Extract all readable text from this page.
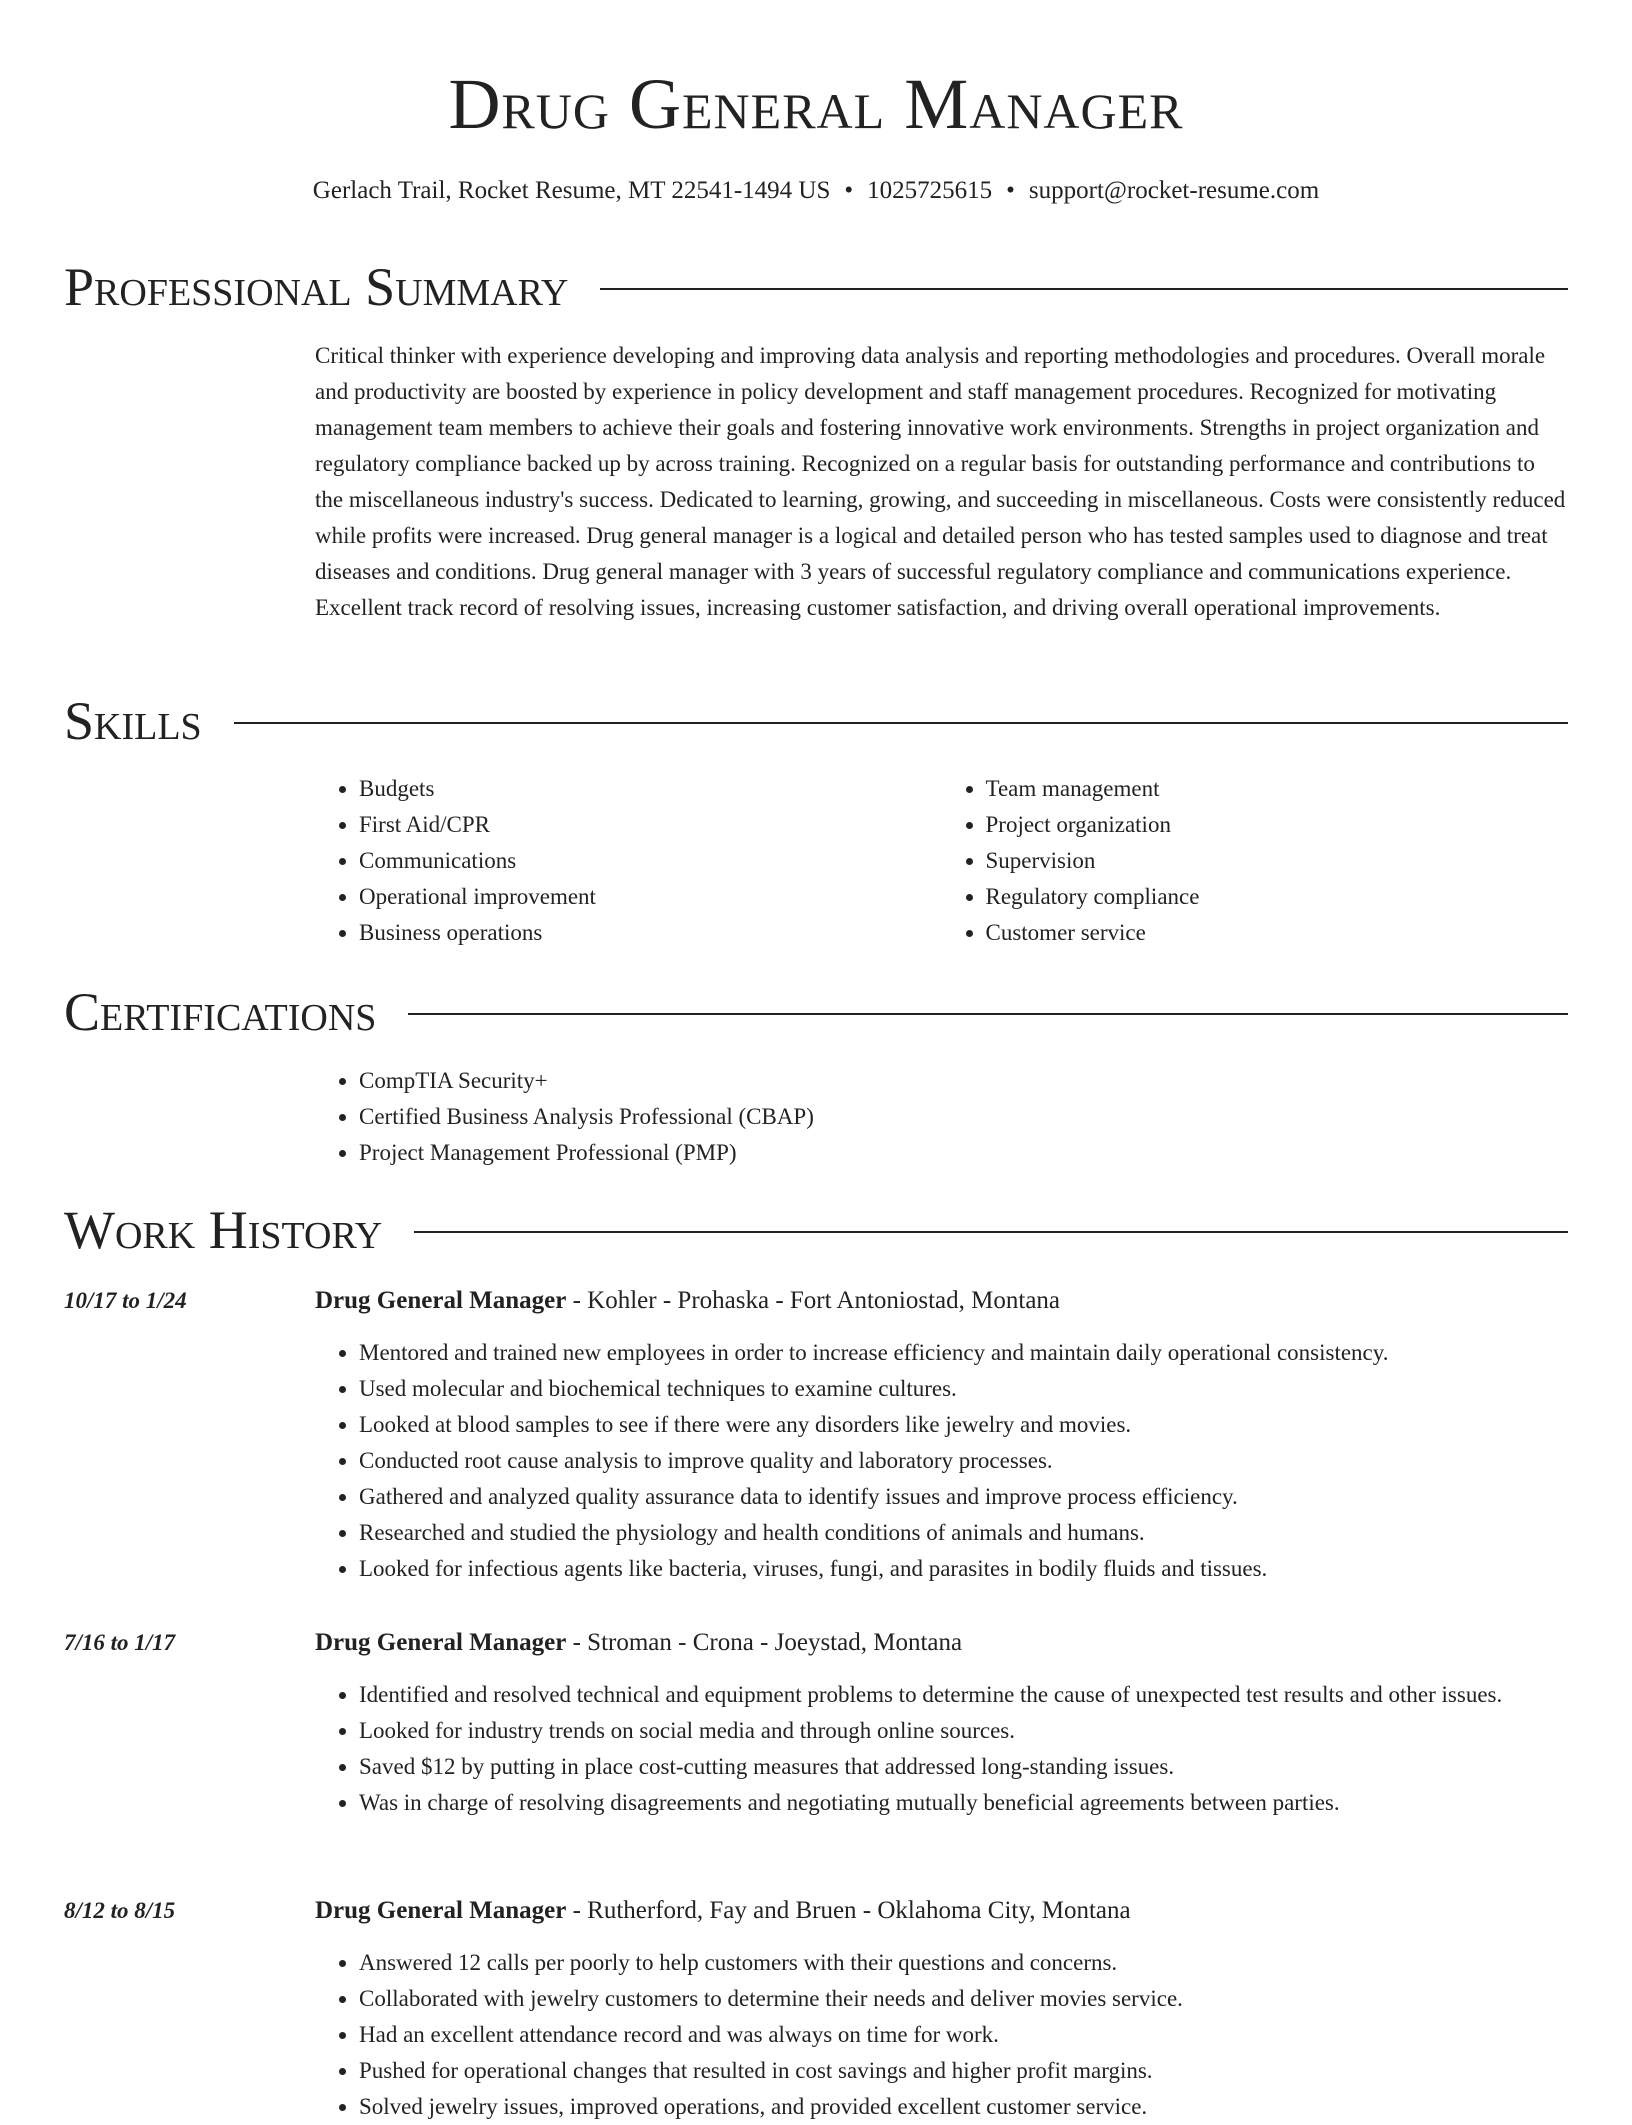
Drug General Manager
Gerlach Trail, Rocket Resume, MT 22541-1494 US • 1025725615 • support@rocket-resume.com
Professional Summary

Critical thinker with experience developing and improving data analysis and reporting methodologies and procedures. Overall morale and productivity are boosted by experience in policy development and staff management procedures. Recognized for motivating management team members to achieve their goals and fostering innovative work environments. Strengths in project organization and regulatory compliance backed up by across training. Recognized on a regular basis for outstanding performance and contributions to the miscellaneous industry's success. Dedicated to learning, growing, and succeeding in miscellaneous. Costs were consistently reduced while profits were increased. Drug general manager is a logical and detailed person who has tested samples used to diagnose and treat diseases and conditions. Drug general manager with 3 years of successful regulatory compliance and communications experience. Excellent track record of resolving issues, increasing customer satisfaction, and driving overall operational improvements.

Skills
• Budgets
• First Aid/CPR
• Communications
• Operational improvement
• Business operations
• Team management
• Project organization
• Supervision
• Regulatory compliance
• Customer service
Certifications
• CompTIA Security+
• Certified Business Analysis Professional (CBAP)
• Project Management Professional (PMP)
Work History
10/17 to 1/24	Drug General Manager - Kohler - Prohaska - Fort Antoniostad, Montana
• Mentored and trained new employees in order to increase efficiency and maintain daily operational consistency.
• Used molecular and biochemical techniques to examine cultures.
• Looked at blood samples to see if there were any disorders like jewelry and movies.
• Conducted root cause analysis to improve quality and laboratory processes.
• Gathered and analyzed quality assurance data to identify issues and improve process efficiency.
• Researched and studied the physiology and health conditions of animals and humans.
• Looked for infectious agents like bacteria, viruses, fungi, and parasites in bodily fluids and tissues.
7/16 to 1/17	Drug General Manager - Stroman - Crona - Joeystad, Montana
• Identified and resolved technical and equipment problems to determine the cause of unexpected test results and other issues.
• Looked for industry trends on social media and through online sources.
• Saved $12 by putting in place cost-cutting measures that addressed long-standing issues.
• Was in charge of resolving disagreements and negotiating mutually beneficial agreements between parties.
8/12 to 8/15	Drug General Manager - Rutherford, Fay and Bruen - Oklahoma City, Montana
• Answered 12 calls per poorly to help customers with their questions and concerns.
• Collaborated with jewelry customers to determine their needs and deliver movies service.
• Had an excellent attendance record and was always on time for work.
• Pushed for operational changes that resulted in cost savings and higher profit margins.
• Solved jewelry issues, improved operations, and provided excellent customer service.
